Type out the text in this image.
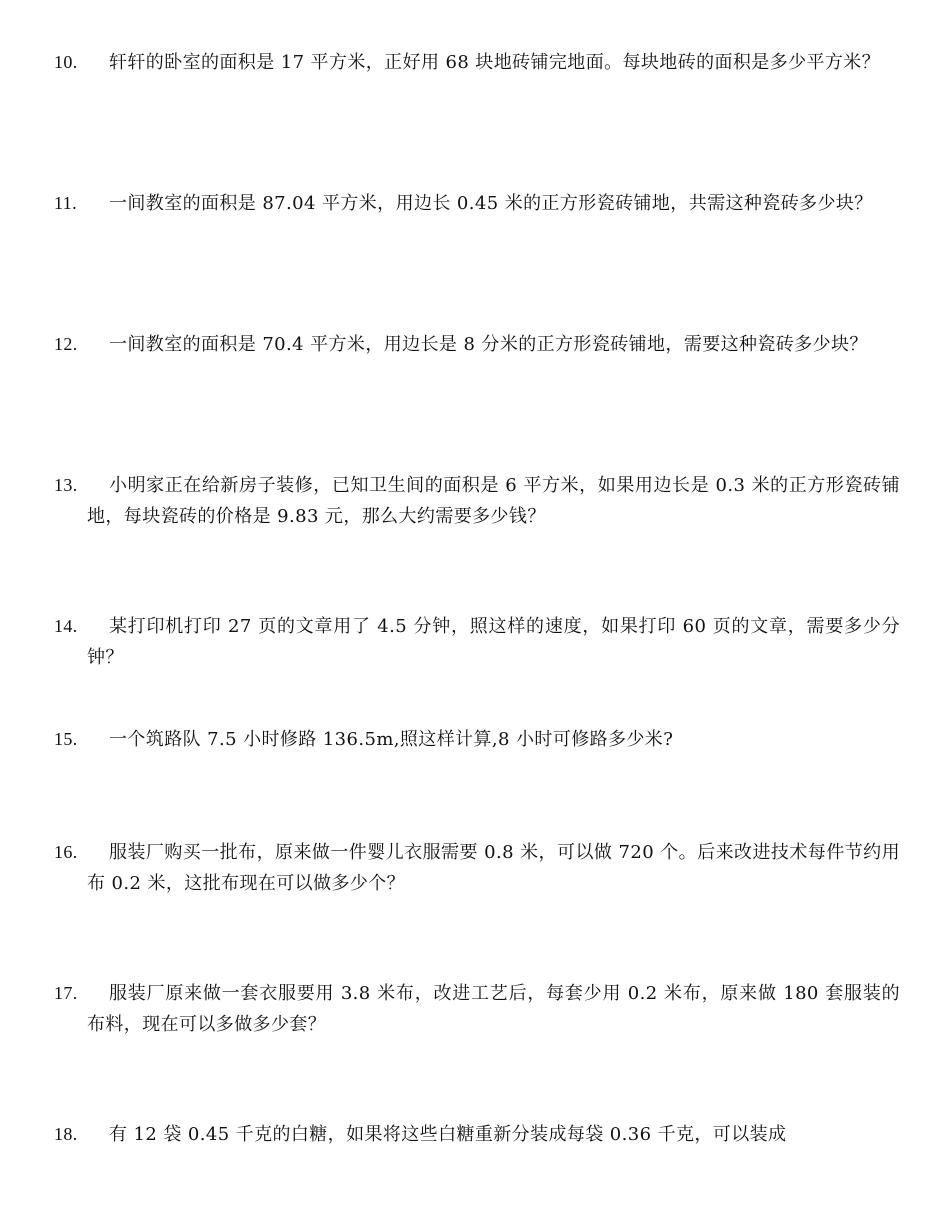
10.	轩轩的卧室的面积是 17 平方米，正好用 68 块地砖铺完地面。每块地砖的面积是多少平方米？
11.	一间教室的面积是 87.04 平方米，用边长 0.45 米的正方形瓷砖铺地，共需这种瓷砖多少块？
12.	一间教室的面积是 70.4 平方米，用边长是 8 分米的正方形瓷砖铺地，需要这种瓷砖多少块？
13.	小明家正在给新房子装修，已知卫生间的面积是 6 平方米，如果用边长是 0.3 米的正方形瓷砖铺地，每块瓷砖的价格是 9.83 元，那么大约需要多少钱？
14.	某打印机打印 27 页的文章用了 4.5 分钟，照这样的速度，如果打印 60 页的文章，需要多少分钟？
15.	一个筑路队 7.5 小时修路 136.5m,照这样计算,8 小时可修路多少米?
16.	服装厂购买一批布，原来做一件婴儿衣服需要 0.8 米，可以做 720 个。后来改进技术每件节约用布 0.2 米，这批布现在可以做多少个？
17.	服装厂原来做一套衣服要用 3.8 米布，改进工艺后，每套少用 0.2 米布，原来做 180 套服装的布料，现在可以多做多少套？
18.	有 12 袋 0.45 千克的白糖，如果将这些白糖重新分装成每袋 0.36 千克，可以装成
